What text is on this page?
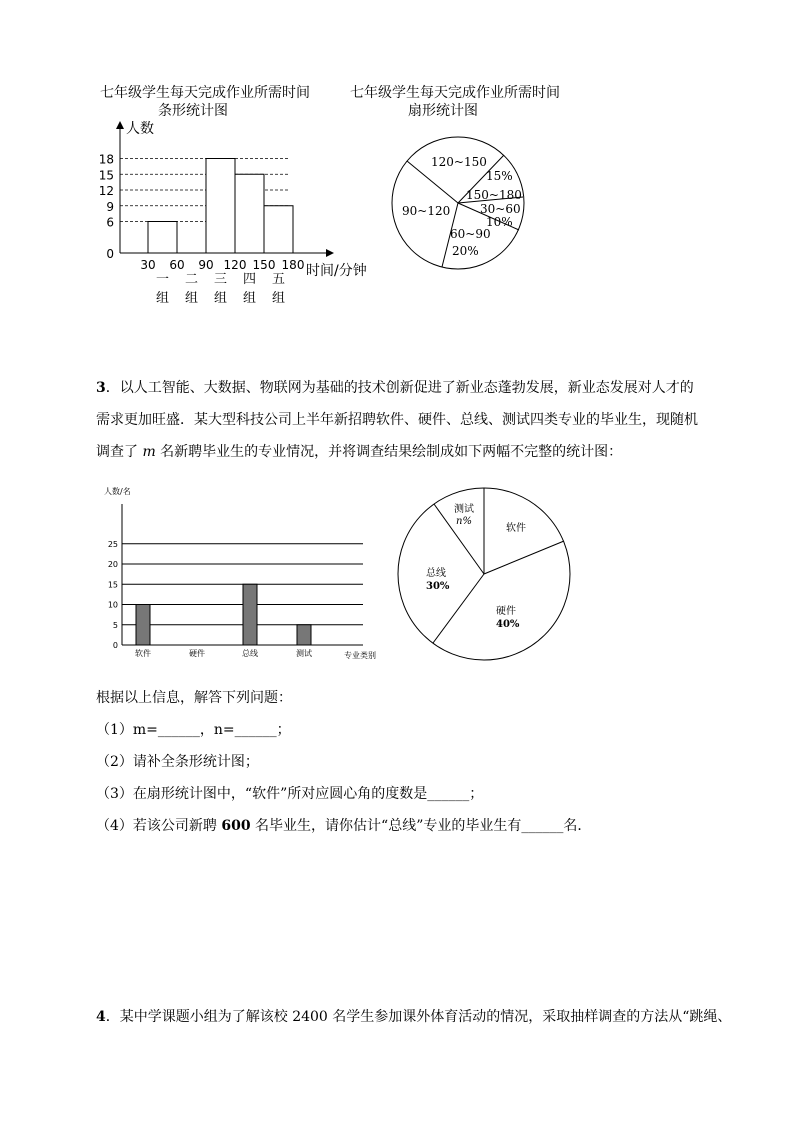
七年级学生每天完成作业所需时间
条形统计图
七年级学生每天完成作业所需时间
扇形统计图
人数
时间/分钟
0
6
9
12
15
18
30 60 90 120 150 180
一
组
二
组
三
组
四
组
五
组
120~150
15%
150~180
30~60
10%
60~90
20%
90~120
3．以人工智能、大数据、物联网为基础的技术创新促进了新业态蓬勃发展，新业态发展对人才的
需求更加旺盛．某大型科技公司上半年新招聘软件、硬件、总线、测试四类专业的毕业生，现随机
调查了 m 名新聘毕业生的专业情况，并将调查结果绘制成如下两幅不完整的统计图：
人数/名
专业类别
0
5
10
15
20
25
软件	硬件	总线	测试
软件
硬件
40%
总线
30%
测试
n%
根据以上信息，解答下列问题：
（1）m=______，n=______；
（2）请补全条形统计图；
（3）在扇形统计图中，“软件”所对应圆心角的度数是______；
（4）若该公司新聘 600 名毕业生，请你估计“总线”专业的毕业生有______名．
4．某中学课题小组为了解该校 2400 名学生参加课外体育活动的情况，采取抽样调查的方法从“跳绳、
